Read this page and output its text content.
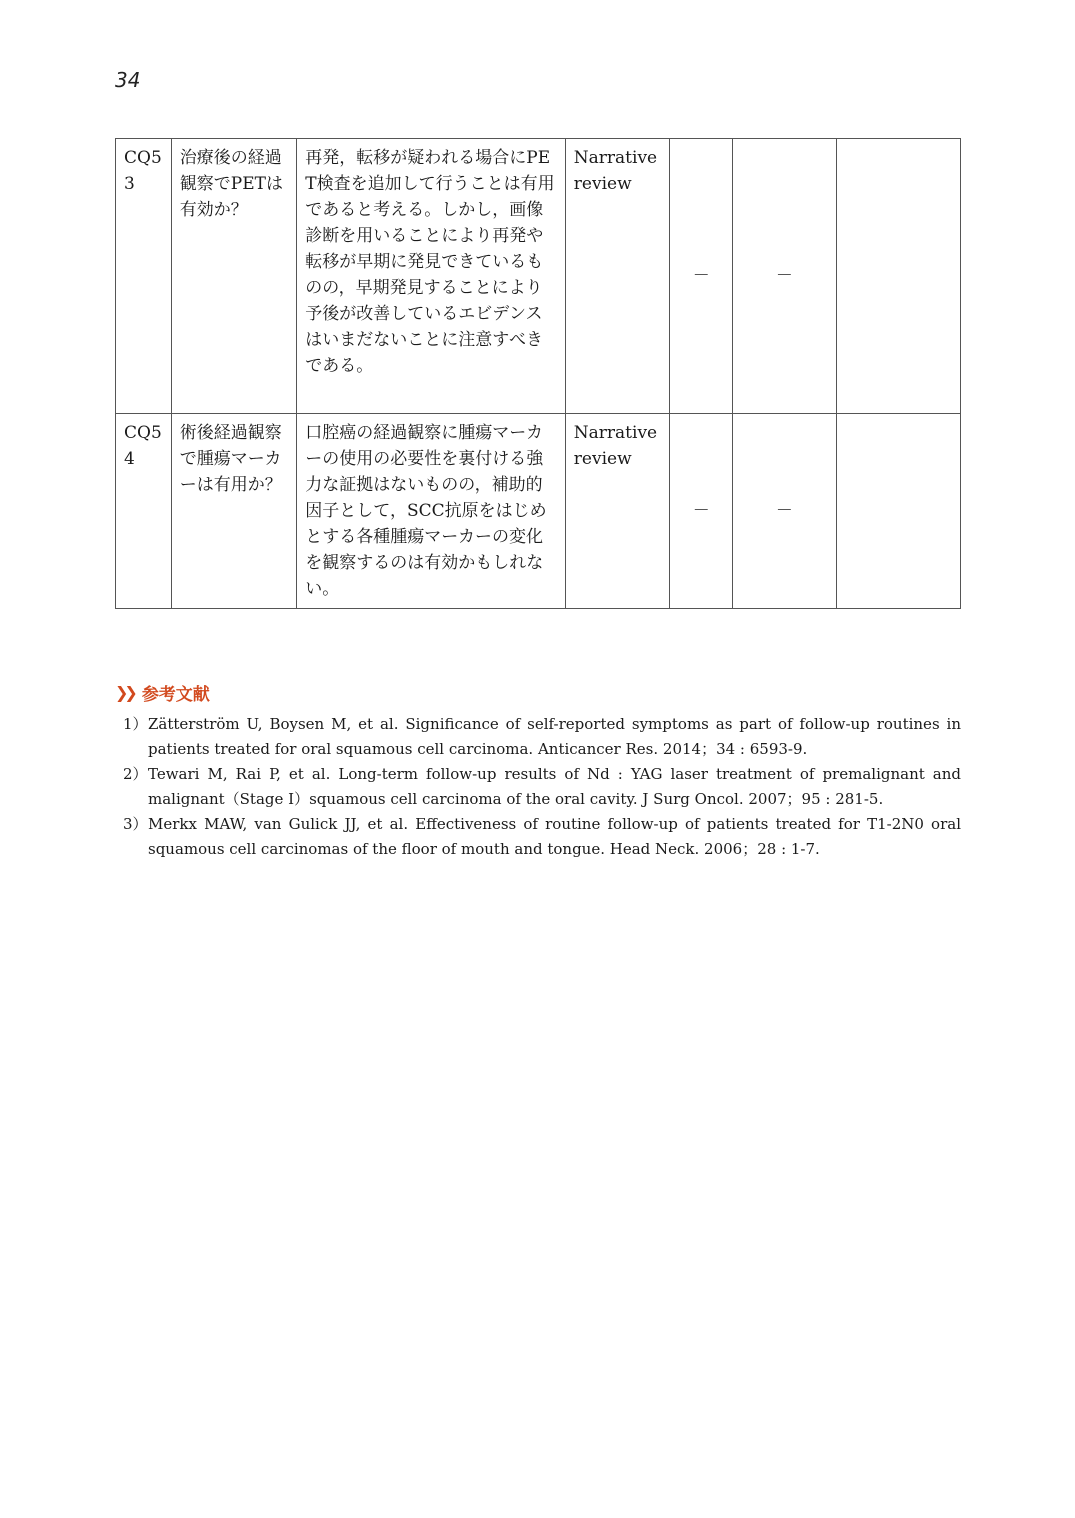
34
CQ53	治療後の経過観察でPETは有効か？	再発，転移が疑われる場合にPET検査を追加して行うことは有用であると考える。しかし，画像診断を用いることにより再発や転移が早期に発見できているものの，早期発見することにより予後が改善しているエビデンスはいまだないことに注意すべきである。	Narrative review	－	－	
CQ54	術後経過観察で腫瘍マーカーは有用か？	口腔癌の経過観察に腫瘍マーカーの使用の必要性を裏付ける強力な証拠はないものの，補助的因子として，SCC抗原をはじめとする各種腫瘍マーカーの変化を観察するのは有効かもしれない。	Narrative review	－	－	
❯❯ 参考文献
1） Zätterström U, Boysen M, et al. Significance of self-reported symptoms as part of follow-up routines in patients treated for oral squamous cell carcinoma. Anticancer Res. 2014；34 : 6593-9.
2） Tewari M, Rai P, et al. Long-term follow-up results of Nd : YAG laser treatment of premalignant and malignant（Stage I）squamous cell carcinoma of the oral cavity. J Surg Oncol. 2007；95 : 281-5.
3） Merkx MAW, van Gulick JJ, et al. Effectiveness of routine follow-up of patients treated for T1-2N0 oral squamous cell carcinomas of the floor of mouth and tongue. Head Neck. 2006；28 : 1-7.
